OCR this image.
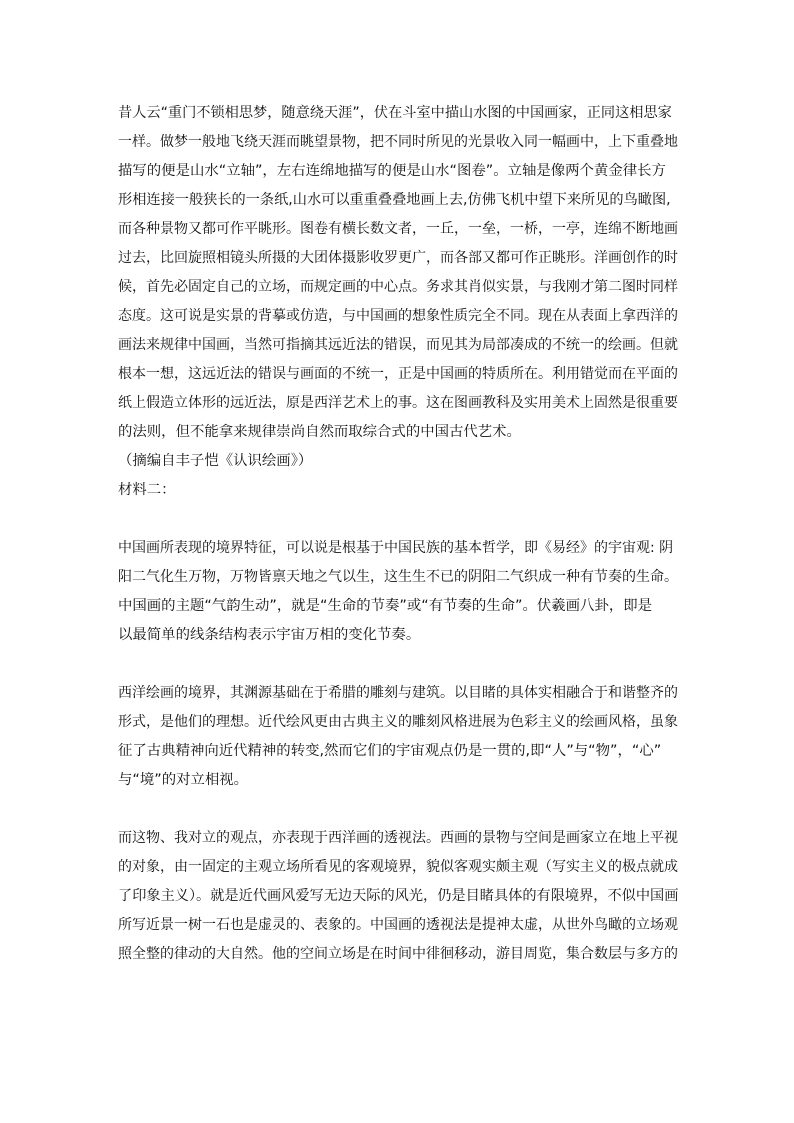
昔人云“重门不锁相思梦，随意绕天涯”，伏在斗室中描山水图的中国画家，正同这相思家
一样。做梦一般地飞绕天涯而眺望景物，把不同时所见的光景收入同一幅画中，上下重叠地
描写的便是山水“立轴”，左右连绵地描写的便是山水“图卷”。立轴是像两个黄金律长方
形相连接一般狭长的一条纸,山水可以重重叠叠地画上去,仿佛飞机中望下来所见的鸟瞰图,
而各种景物又都可作平眺形。图卷有横长数文者，一丘，一垒，一桥，一亭，连绵不断地画
过去，比回旋照相镜头所摄的大团体摄影收罗更广，而各部又都可作正眺形。洋画创作的时
候，首先必固定自己的立场，而规定画的中心点。务求其肖似实景，与我刚才第二图时同样
态度。这可说是实景的背摹或仿造，与中国画的想象性质完全不同。现在从表面上拿西洋的
画法来规律中国画，当然可指摘其远近法的错误，而见其为局部凑成的不统一的绘画。但就
根本一想，这远近法的错误与画面的不统一，正是中国画的特质所在。利用错觉而在平面的
纸上假造立体形的远近法，原是西洋艺术上的事。这在图画教科及实用美术上固然是很重要
的法则，但不能拿来规律崇尚自然而取综合式的中国古代艺术。
（摘编自丰子恺《认识绘画》）
材料二：
中国画所表现的境界特征，可以说是根基于中国民族的基本哲学，即《易经》的宇宙观: 阴
阳二气化生万物，万物皆禀天地之气以生，这生生不已的阴阳二气织成一种有节奏的生命。
中国画的主题“气韵生动”，就是“生命的节奏”或“有节奏的生命”。伏羲画八卦，即是
以最简单的线条结构表示宇宙万相的变化节奏。
西洋绘画的境界，其渊源基础在于希腊的雕刻与建筑。以目睹的具体实相融合于和谐整齐的
形式，是他们的理想。近代绘风更由古典主义的雕刻风格进展为色彩主义的绘画风格，虽象
征了古典精神向近代精神的转变,然而它们的宇宙观点仍是一贯的,即“人”与“物”，“心”
与“境”的对立相视。
而这物、我对立的观点，亦表现于西洋画的透视法。西画的景物与空间是画家立在地上平视
的对象，由一固定的主观立场所看见的客观境界，貌似客观实颇主观（写实主义的极点就成
了印象主义）。就是近代画风爱写无边天际的风光，仍是目睹具体的有限境界，不似中国画
所写近景一树一石也是虚灵的、表象的。中国画的透视法是提神太虚，从世外鸟瞰的立场观
照全整的律动的大自然。他的空间立场是在时间中徘徊移动，游目周览，集合数层与多方的
